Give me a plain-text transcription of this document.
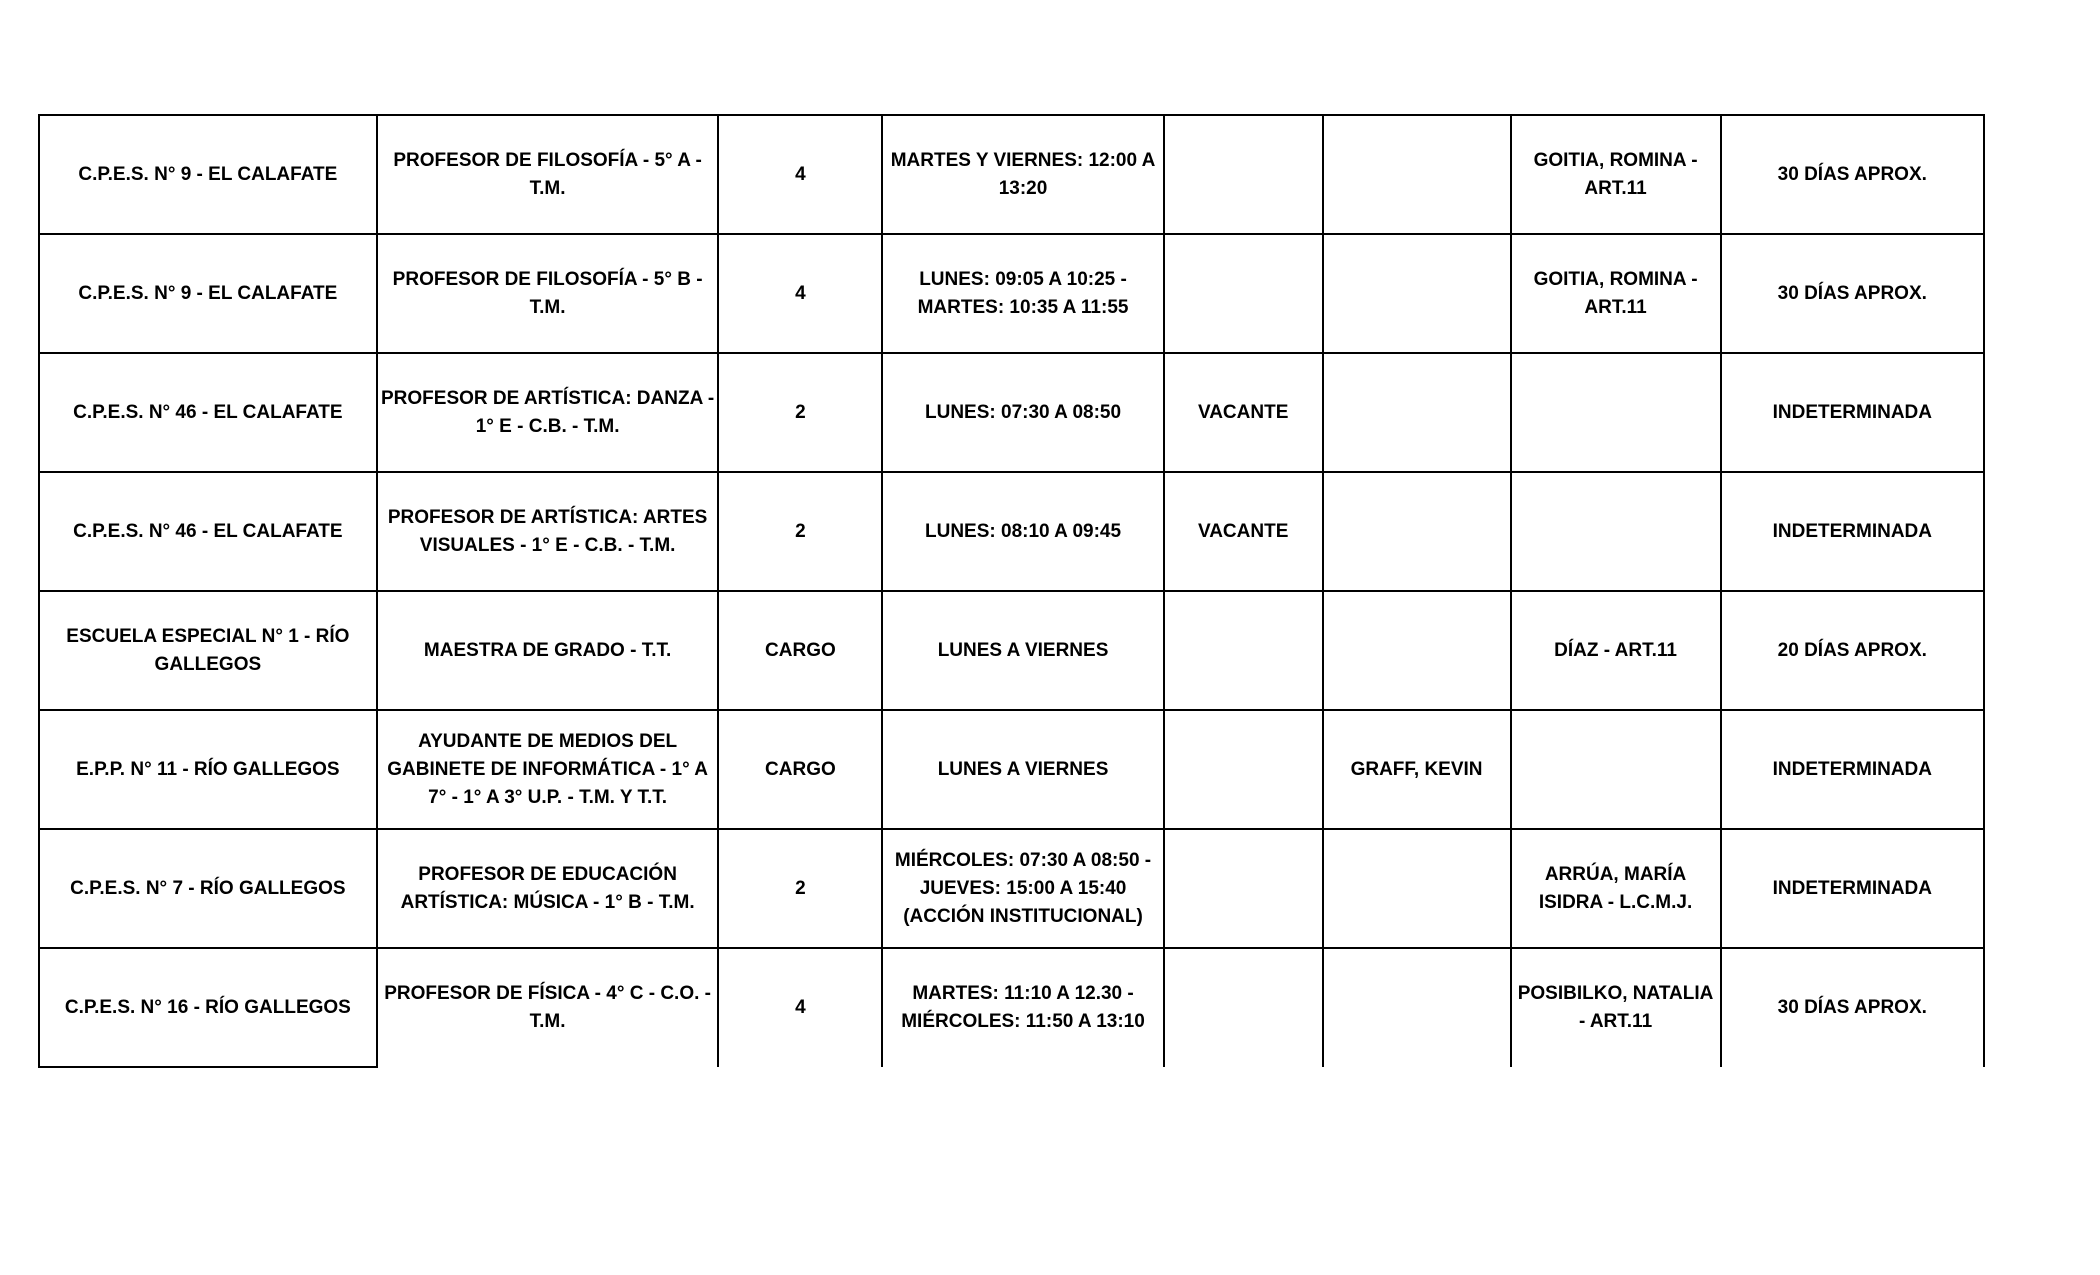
C.P.E.S. N° 9 - EL CALAFATE	PROFESOR DE FILOSOFÍA - 5° A - T.M.	4	MARTES Y VIERNES: 12:00 A 13:20			GOITIA, ROMINA - ART.11	30 DÍAS APROX.
C.P.E.S. N° 9 - EL CALAFATE	PROFESOR DE FILOSOFÍA - 5° B - T.M.	4	LUNES: 09:05 A 10:25 - MARTES: 10:35 A 11:55			GOITIA, ROMINA - ART.11	30 DÍAS APROX.
C.P.E.S. N° 46 - EL CALAFATE	PROFESOR DE ARTÍSTICA: DANZA - 1° E - C.B. - T.M.	2	LUNES: 07:30 A 08:50	VACANTE			INDETERMINADA
C.P.E.S. N° 46 - EL CALAFATE	PROFESOR DE ARTÍSTICA: ARTES VISUALES - 1° E - C.B. - T.M.	2	LUNES: 08:10 A 09:45	VACANTE			INDETERMINADA
ESCUELA ESPECIAL N° 1 - RÍO GALLEGOS	MAESTRA DE GRADO - T.T.	CARGO	LUNES A VIERNES			DÍAZ - ART.11	20 DÍAS APROX.
E.P.P. N° 11 - RÍO GALLEGOS	AYUDANTE DE MEDIOS DEL GABINETE DE INFORMÁTICA - 1° A 7° - 1° A 3° U.P. - T.M. Y T.T.	CARGO	LUNES A VIERNES		GRAFF, KEVIN		INDETERMINADA
C.P.E.S. N° 7 - RÍO GALLEGOS	PROFESOR DE EDUCACIÓN ARTÍSTICA: MÚSICA - 1° B - T.M.	2	MIÉRCOLES: 07:30 A 08:50 - JUEVES: 15:00 A 15:40 (ACCIÓN INSTITUCIONAL)			ARRÚA, MARÍA ISIDRA - L.C.M.J.	INDETERMINADA
C.P.E.S. N° 16 - RÍO GALLEGOS	PROFESOR DE FÍSICA - 4° C - C.O. - T.M.	4	MARTES: 11:10 A 12.30 - MIÉRCOLES: 11:50 A 13:10			POSIBILKO, NATALIA - ART.11	30 DÍAS APROX.
